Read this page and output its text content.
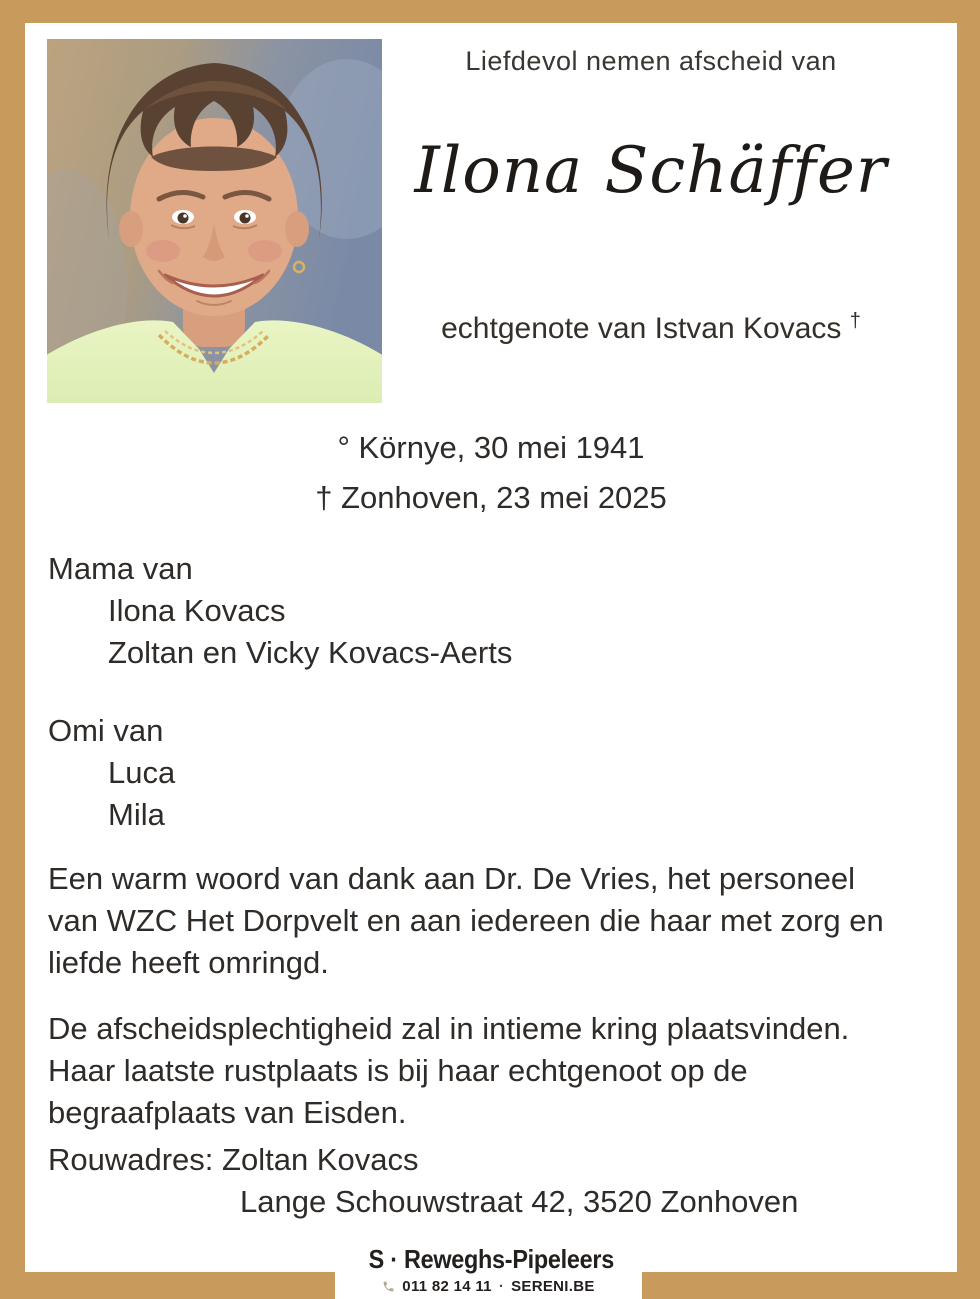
Liefdevol nemen afscheid van
Ilona Schäffer
echtgenote van Istvan Kovacs †
° Környe, 30 mei 1941
† Zonhoven, 23 mei 2025
Mama van
Ilona Kovacs
Zoltan en Vicky Kovacs-Aerts
Omi van
Luca
Mila
Een warm woord van dank aan Dr. De Vries, het personeel
van WZC Het Dorpvelt en aan iedereen die haar met zorg en
liefde heeft omringd.
De afscheidsplechtigheid zal in intieme kring plaatsvinden.
Haar laatste rustplaats is bij haar echtgenoot op de
begraafplaats van Eisden.
Rouwadres: Zoltan Kovacs
Lange Schouwstraat 42, 3520 Zonhoven
S · Reweghs-Pipeleers
011 82 14 11 · SERENI.BE
